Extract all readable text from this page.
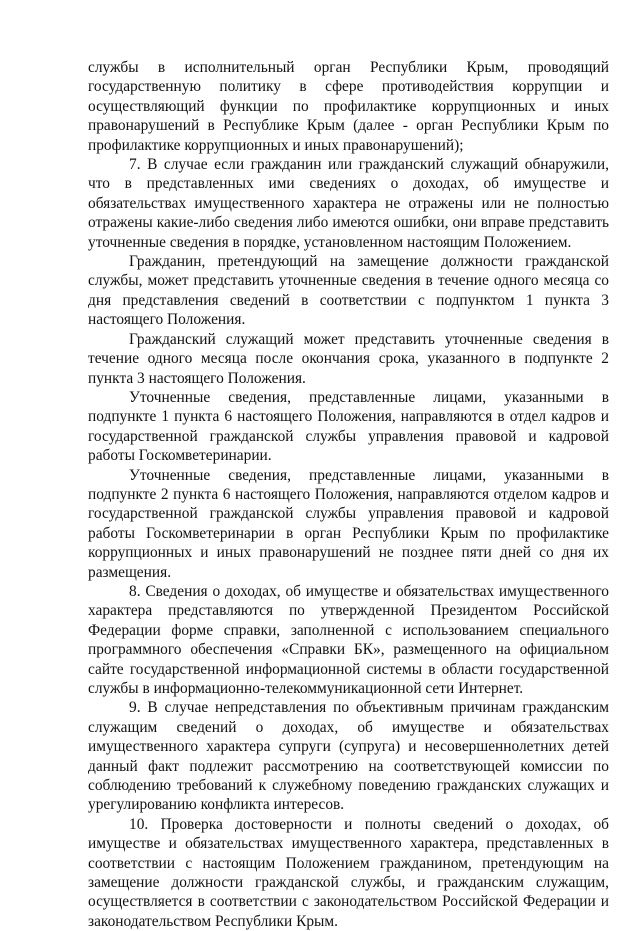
службы в исполнительный орган Республики Крым, проводящий государственную политику в сфере противодействия коррупции и осуществляющий функции по профилактике коррупционных и иных правонарушений в Республике Крым (далее - орган Республики Крым по профилактике коррупционных и иных правонарушений);

7. В случае если гражданин или гражданский служащий обнаружили, что в представленных ими сведениях о доходах, об имуществе и обязательствах имущественного характера не отражены или не полностью отражены какие-либо сведения либо имеются ошибки, они вправе представить уточненные сведения в порядке, установленном настоящим Положением.

Гражданин, претендующий на замещение должности гражданской службы, может представить уточненные сведения в течение одного месяца со дня представления сведений в соответствии с подпунктом 1 пункта 3 настоящего Положения.

Гражданский служащий может представить уточненные сведения в течение одного месяца после окончания срока, указанного в подпункте 2 пункта 3 настоящего Положения.

Уточненные сведения, представленные лицами, указанными в подпункте 1 пункта 6 настоящего Положения, направляются в отдел кадров и государственной гражданской службы управления правовой и кадровой работы Госкомветеринарии.

Уточненные сведения, представленные лицами, указанными в подпункте 2 пункта 6 настоящего Положения, направляются отделом кадров и государственной гражданской службы управления правовой и кадровой работы Госкомветеринарии в орган Республики Крым по профилактике коррупционных и иных правонарушений не позднее пяти дней со дня их размещения.

8. Сведения о доходах, об имуществе и обязательствах имущественного характера представляются по утвержденной Президентом Российской Федерации форме справки, заполненной с использованием специального программного обеспечения «Справки БК», размещенного на официальном сайте государственной информационной системы в области государственной службы в информационно-телекоммуникационной сети Интернет.

9. В случае непредставления по объективным причинам гражданским служащим сведений о доходах, об имуществе и обязательствах имущественного характера супруги (супруга) и несовершеннолетних детей данный факт подлежит рассмотрению на соответствующей комиссии по соблюдению требований к служебному поведению гражданских служащих и урегулированию конфликта интересов.

10. Проверка достоверности и полноты сведений о доходах, об имуществе и обязательствах имущественного характера, представленных в соответствии с настоящим Положением гражданином, претендующим на замещение должности гражданской службы, и гражданским служащим, осуществляется в соответствии с законодательством Российской Федерации и законодательством Республики Крым.
